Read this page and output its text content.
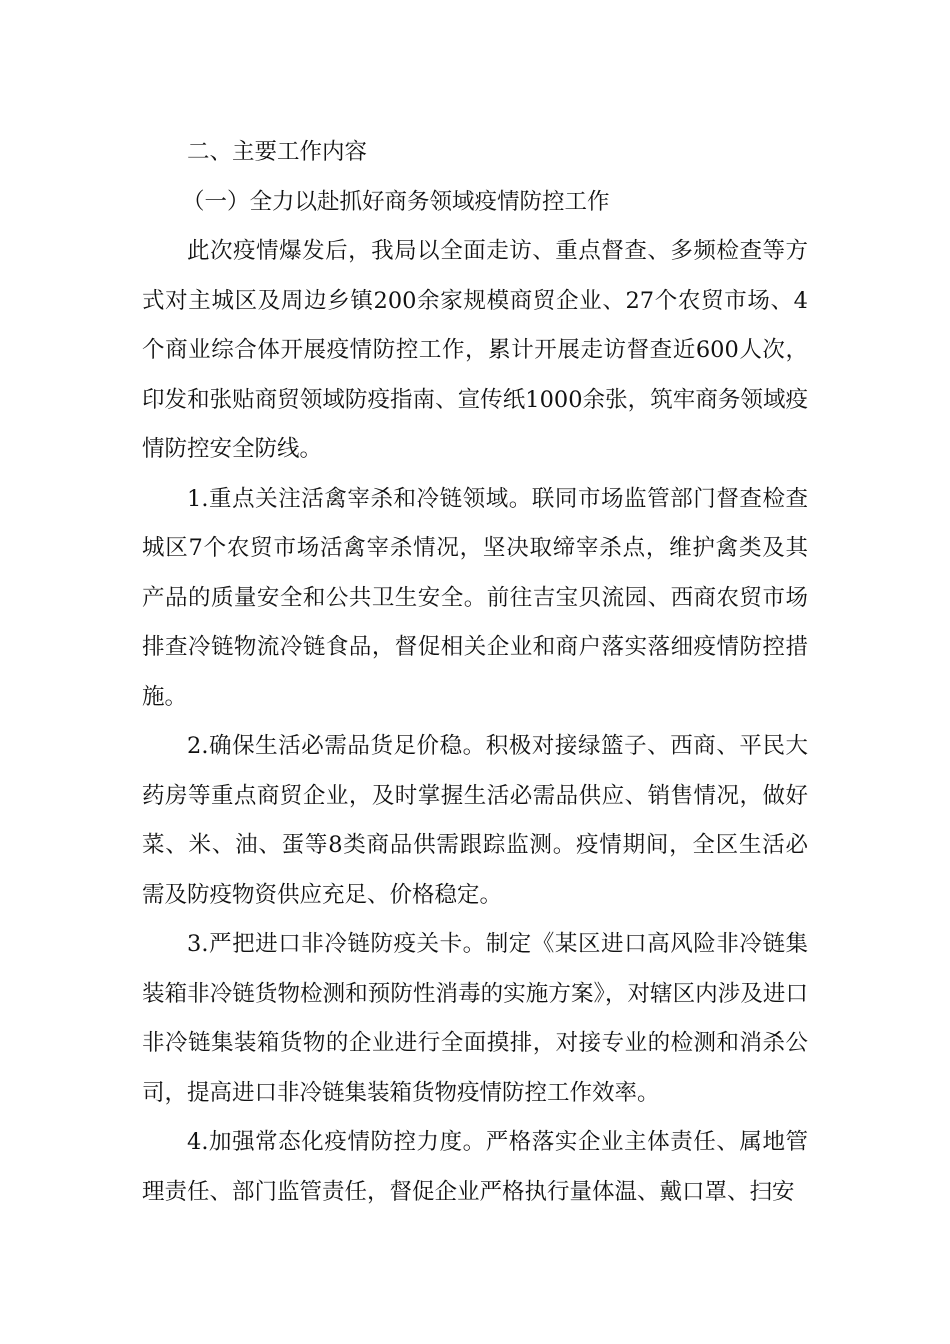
二、主要工作内容

（一）全力以赴抓好商务领域疫情防控工作

此次疫情爆发后，我局以全面走访、重点督查、多频检查等方式对主城区及周边乡镇200余家规模商贸企业、27个农贸市场、4个商业综合体开展疫情防控工作，累计开展走访督查近600人次，印发和张贴商贸领域防疫指南、宣传纸1000余张，筑牢商务领域疫情防控安全防线。

1.重点关注活禽宰杀和冷链领域。联同市场监管部门督查检查城区7个农贸市场活禽宰杀情况，坚决取缔宰杀点，维护禽类及其产品的质量安全和公共卫生安全。前往吉宝贝流园、西商农贸市场排查冷链物流冷链食品，督促相关企业和商户落实落细疫情防控措施。

2.确保生活必需品货足价稳。积极对接绿篮子、西商、平民大药房等重点商贸企业，及时掌握生活必需品供应、销售情况，做好菜、米、油、蛋等8类商品供需跟踪监测。疫情期间，全区生活必需及防疫物资供应充足、价格稳定。

3.严把进口非冷链防疫关卡。制定《某区进口高风险非冷链集装箱非冷链货物检测和预防性消毒的实施方案》，对辖区内涉及进口非冷链集装箱货物的企业进行全面摸排，对接专业的检测和消杀公司，提高进口非冷链集装箱货物疫情防控工作效率。

4.加强常态化疫情防控力度。严格落实企业主体责任、属地管理责任、部门监管责任，督促企业严格执行量体温、戴口罩、扫安
